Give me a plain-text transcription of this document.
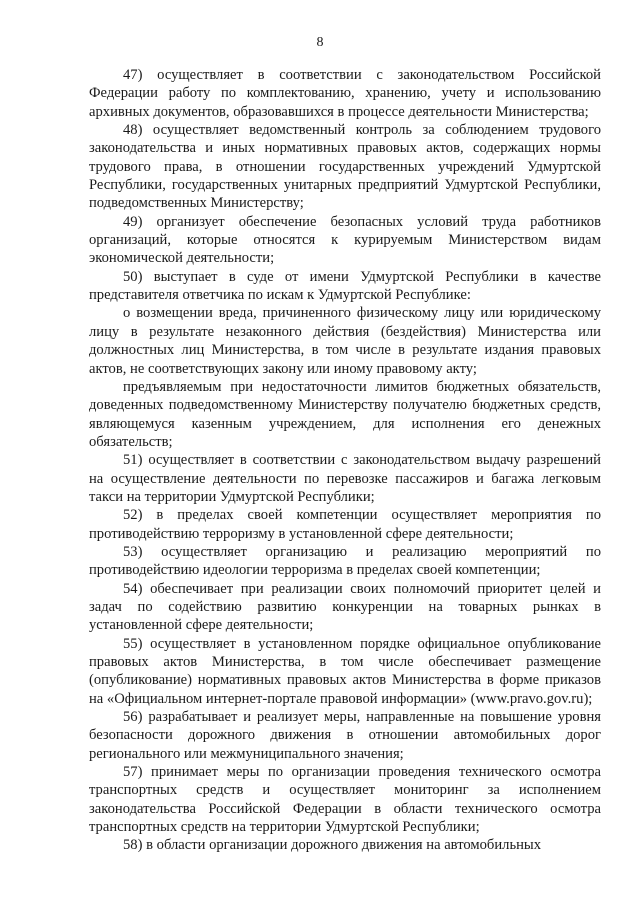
8

47) осуществляет в соответствии с законодательством Российской Федерации работу по комплектованию, хранению, учету и использованию архивных документов, образовавшихся в процессе деятельности Министерства;

48) осуществляет ведомственный контроль за соблюдением трудового законодательства и иных нормативных правовых актов, содержащих нормы трудового права, в отношении государственных учреждений Удмуртской Республики, государственных унитарных предприятий Удмуртской Республики, подведомственных Министерству;

49) организует обеспечение безопасных условий труда работников организаций, которые относятся к курируемым Министерством видам экономической деятельности;

50) выступает в суде от имени Удмуртской Республики в качестве представителя ответчика по искам к Удмуртской Республике:

о возмещении вреда, причиненного физическому лицу или юридическому лицу в результате незаконного действия (бездействия) Министерства или должностных лиц Министерства, в том числе в результате издания правовых актов, не соответствующих закону или иному правовому акту;

предъявляемым при недостаточности лимитов бюджетных обязательств, доведенных подведомственному Министерству получателю бюджетных средств, являющемуся казенным учреждением, для исполнения его денежных обязательств;

51) осуществляет в соответствии с законодательством выдачу разрешений на осуществление деятельности по перевозке пассажиров и багажа легковым такси на территории Удмуртской Республики;

52) в пределах своей компетенции осуществляет мероприятия по противодействию терроризму в установленной сфере деятельности;

53) осуществляет организацию и реализацию мероприятий по противодействию идеологии терроризма в пределах своей компетенции;

54) обеспечивает при реализации своих полномочий приоритет целей и задач по содействию развитию конкуренции на товарных рынках в установленной сфере деятельности;

55) осуществляет в установленном порядке официальное опубликование правовых актов Министерства, в том числе обеспечивает размещение (опубликование) нормативных правовых актов Министерства в форме приказов на «Официальном интернет-портале правовой информации» (www.pravo.gov.ru);

56) разрабатывает и реализует меры, направленные на повышение уровня безопасности дорожного движения в отношении автомобильных дорог регионального или межмуниципального значения;

57) принимает меры по организации проведения технического осмотра транспортных средств и осуществляет мониторинг за исполнением законодательства Российской Федерации в области технического осмотра транспортных средств на территории Удмуртской Республики;

58) в области организации дорожного движения на автомобильных
